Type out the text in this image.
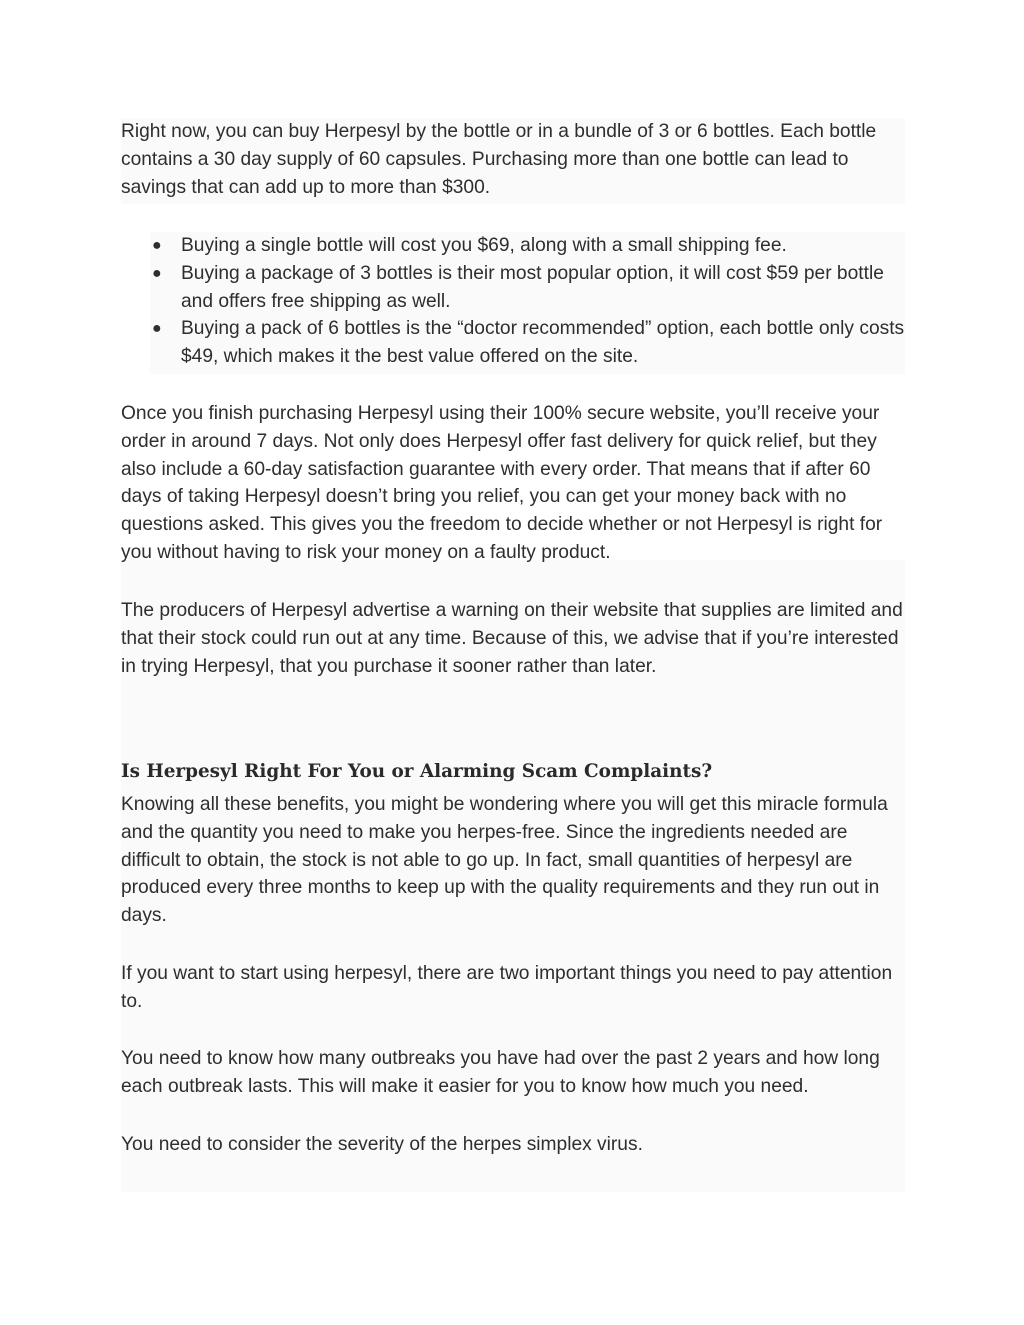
Right now, you can buy Herpesyl by the bottle or in a bundle of 3 or 6 bottles. Each bottle contains a 30 day supply of 60 capsules. Purchasing more than one bottle can lead to savings that can add up to more than $300.

● Buying a single bottle will cost you $69, along with a small shipping fee.
● Buying a package of 3 bottles is their most popular option, it will cost $59 per bottle and offers free shipping as well.
● Buying a pack of 6 bottles is the “doctor recommended” option, each bottle only costs $49, which makes it the best value offered on the site.

Once you finish purchasing Herpesyl using their 100% secure website, you’ll receive your order in around 7 days. Not only does Herpesyl offer fast delivery for quick relief, but they also include a 60-day satisfaction guarantee with every order. That means that if after 60 days of taking Herpesyl doesn’t bring you relief, you can get your money back with no questions asked. This gives you the freedom to decide whether or not Herpesyl is right for you without having to risk your money on a faulty product.

The producers of Herpesyl advertise a warning on their website that supplies are limited and that their stock could run out at any time. Because of this, we advise that if you’re interested in trying Herpesyl, that you purchase it sooner rather than later.

Is Herpesyl Right For You or Alarming Scam Complaints?

Knowing all these benefits, you might be wondering where you will get this miracle formula and the quantity you need to make you herpes-free. Since the ingredients needed are difficult to obtain, the stock is not able to go up. In fact, small quantities of herpesyl are produced every three months to keep up with the quality requirements and they run out in days.

If you want to start using herpesyl, there are two important things you need to pay attention to.

You need to know how many outbreaks you have had over the past 2 years and how long each outbreak lasts. This will make it easier for you to know how much you need.

You need to consider the severity of the herpes simplex virus.
